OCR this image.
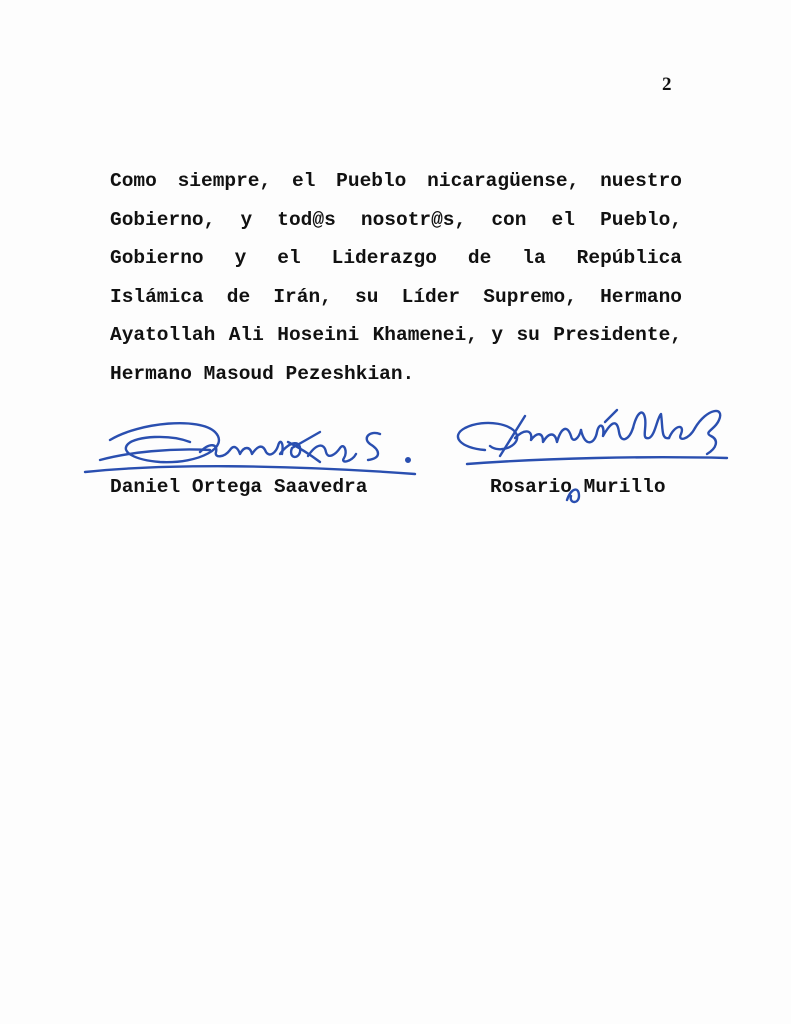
2

Como siempre, el Pueblo nicaragüense, nuestro
Gobierno, y tod@s nosotr@s, con el Pueblo,
Gobierno y el Liderazgo de la República
Islámica de Irán, su Líder Supremo, Hermano
Ayatollah Ali Hoseini Khamenei, y su Presidente,
Hermano Masoud Pezeshkian.

Daniel Ortega Saavedra	Rosario Murillo
